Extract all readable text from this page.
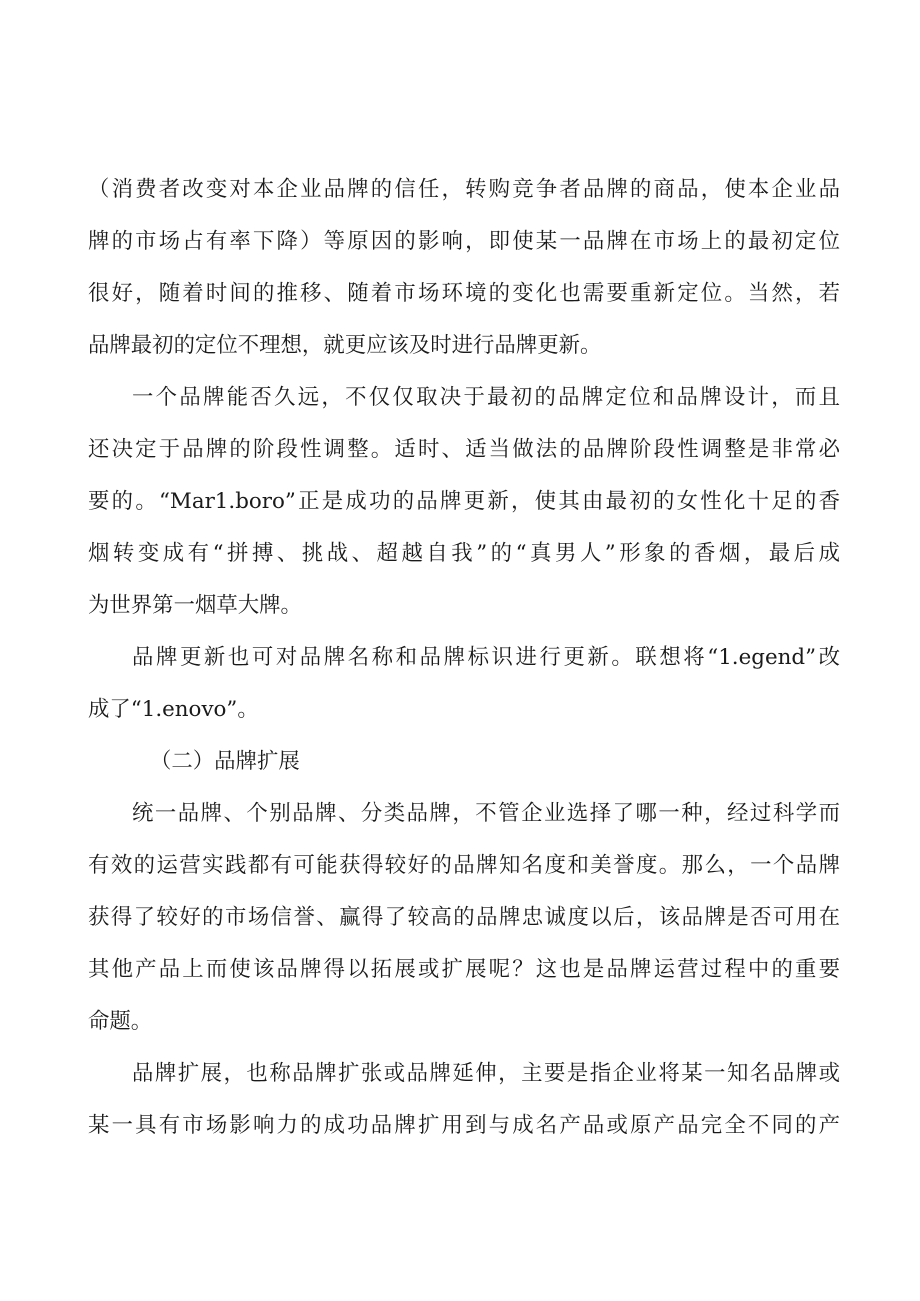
（消费者改变对本企业品牌的信任，转购竞争者品牌的商品，使本企业品
牌的市场占有率下降）等原因的影响，即使某一品牌在市场上的最初定位
很好，随着时间的推移、随着市场环境的变化也需要重新定位。当然，若
品牌最初的定位不理想，就更应该及时进行品牌更新。
一个品牌能否久远，不仅仅取决于最初的品牌定位和品牌设计，而且
还决定于品牌的阶段性调整。适时、适当做法的品牌阶段性调整是非常必
要的。“Mar1.boro”正是成功的品牌更新，使其由最初的女性化十足的香
烟转变成有“拼搏、挑战、超越自我”的“真男人”形象的香烟，最后成
为世界第一烟草大牌。
品牌更新也可对品牌名称和品牌标识进行更新。联想将“1.egend”改
成了“1.enovo”。
（二）品牌扩展
统一品牌、个别品牌、分类品牌，不管企业选择了哪一种，经过科学而
有效的运营实践都有可能获得较好的品牌知名度和美誉度。那么，一个品牌
获得了较好的市场信誉、赢得了较高的品牌忠诚度以后，该品牌是否可用在
其他产品上而使该品牌得以拓展或扩展呢？这也是品牌运营过程中的重要
命题。
品牌扩展，也称品牌扩张或品牌延伸，主要是指企业将某一知名品牌或
某一具有市场影响力的成功品牌扩用到与成名产品或原产品完全不同的产
